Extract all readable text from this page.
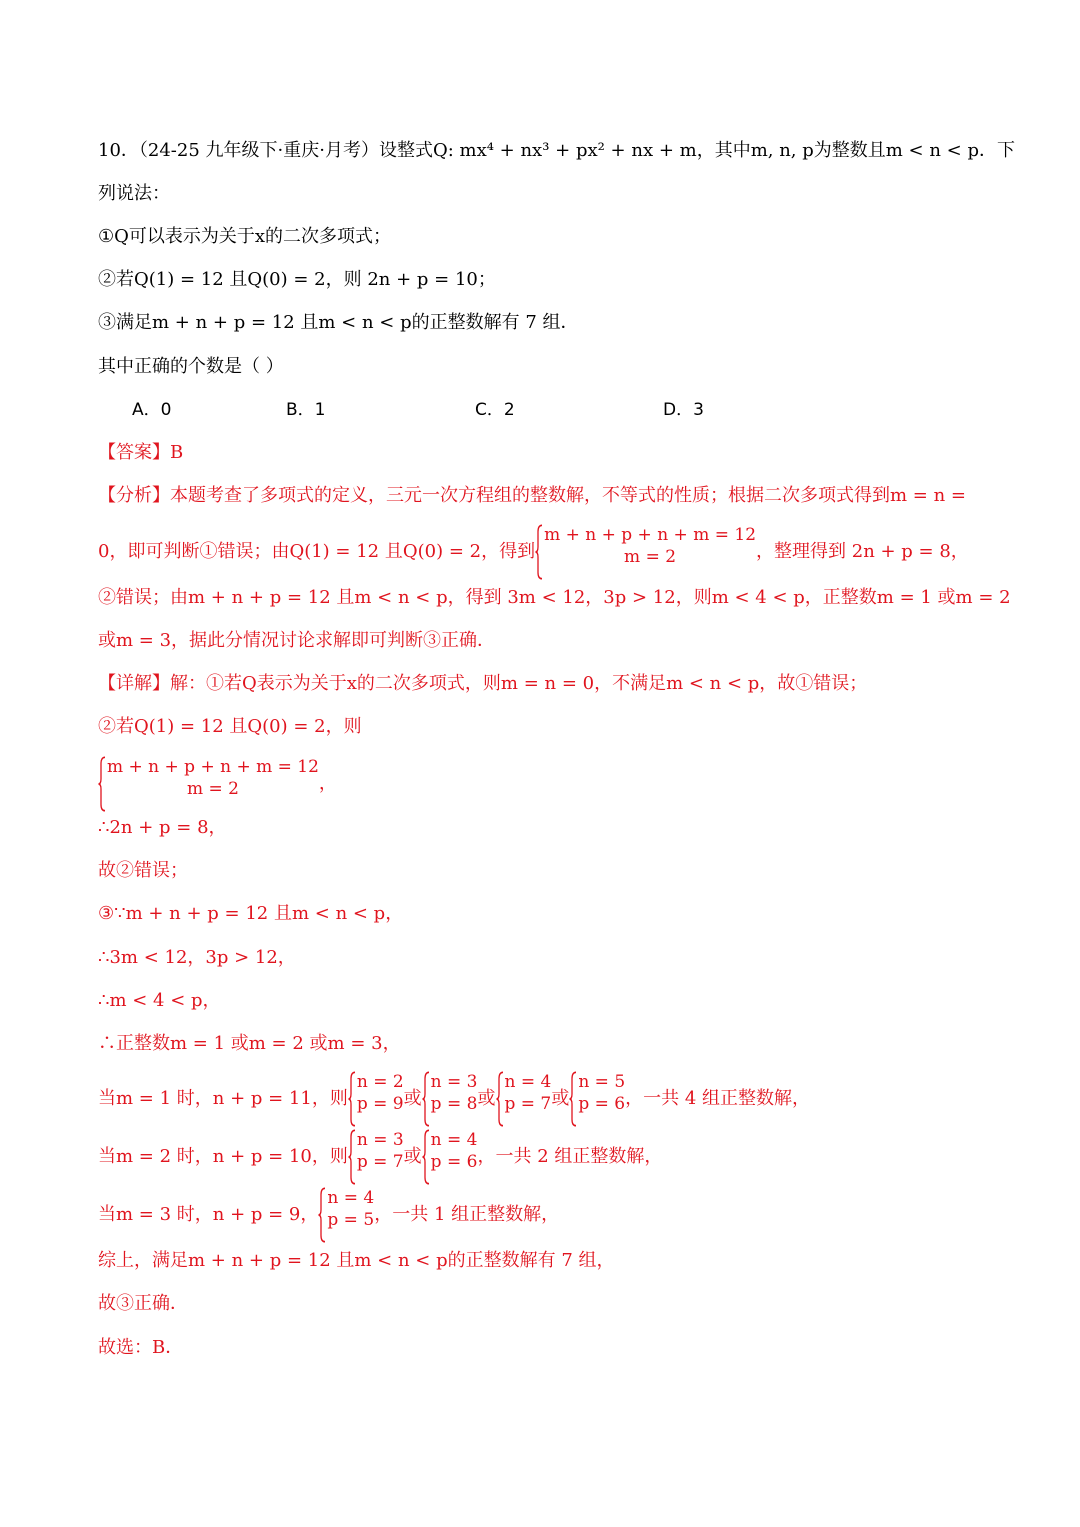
10．（24-25 九年级下·重庆·月考）设整式Q: mx⁴ + nx³ + px² + nx + m，其中m, n, p为整数且m < n < p．下
列说法：
①Q可以表示为关于x的二次多项式；
②若Q(1) = 12 且Q(0) = 2，则 2n + p = 10；
③满足m + n + p = 12 且m < n < p的正整数解有 7 组．
其中正确的个数是（ ）
A．0	B．1	C．2	D．3
【答案】B
【分析】本题考查了多项式的定义，三元一次方程组的整数解，不等式的性质；根据二次多项式得到m = n =
0，即可判断①错误；由Q(1) = 12 且Q(0) = 2，得到
m + n + p + n + m = 12
m = 2	，整理得到 2n + p = 8，
②错误；由m + n + p = 12 且m < n < p，得到 3m < 12，3p > 12，则m < 4 < p，正整数m = 1 或m = 2
或m = 3，据此分情况讨论求解即可判断③正确．
【详解】解：①若Q表示为关于x的二次多项式，则m = n = 0，不满足m < n < p，故①错误；
②若Q(1) = 12 且Q(0) = 2，则
m + n + p + n + m = 12
m = 2	，
∴2n + p = 8，
故②错误；
③∵m + n + p = 12 且m < n < p，
∴3m < 12，3p > 12，
∴m < 4 < p，
∴正整数m = 1 或m = 2 或m = 3，
当m = 1 时，n + p = 11，则
n = 2
p = 9 或
n = 3
p = 8 或
n = 4
p = 7 或
n = 5
p = 6 ，一共 4 组正整数解，
当m = 2 时，n + p = 10，则
n = 3
p = 7 或
n = 4
p = 6 ，一共 2 组正整数解，
当m = 3 时，n + p = 9，
n = 4
p = 5 ，一共 1 组正整数解，
综上，满足m + n + p = 12 且m < n < p的正整数解有 7 组，
故③正确．
故选：B．
